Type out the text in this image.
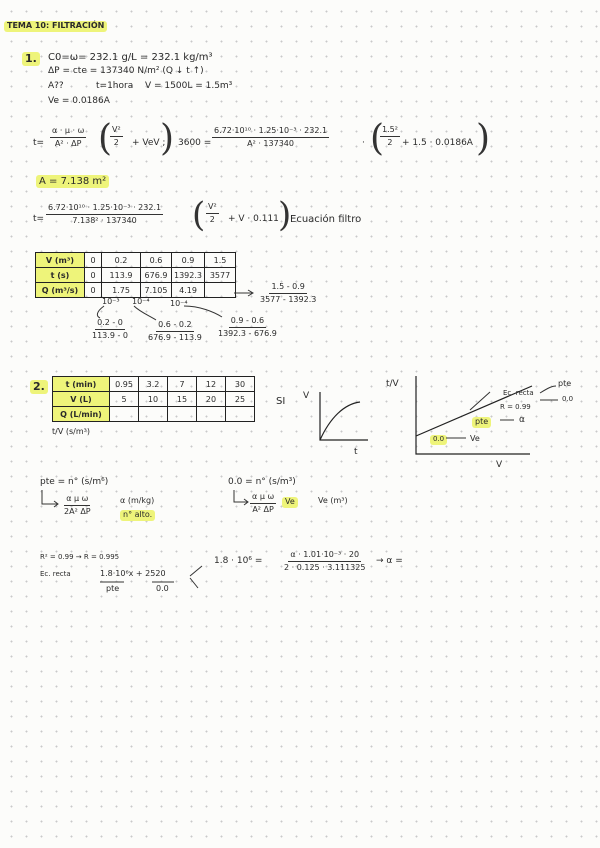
TEMA 10: FILTRACIÓN
1.	C0=ω= 232.1 g/L = 232.1 kg/m³
ΔP = cte = 137340 N/m² (Q ↓ t ↑)
A??	t=1hora V = 1500L = 1.5m³
Ve = 0.0186A
$t= \frac{\alpha \cdot \mu \cdot \omega}{\text{A² · ΔP}}$ (
$\frac{\text{V²}}{2}$ + VeV ;
) $3600 = \frac{\text{6.72·10¹⁰ · 1.25·10⁻³ · 232.1}}{\text{A² · 137340}}$	· (
$\frac{\text{1.5²}}{2} + 1.5 \cdot 0.0186A$ )
A = 7.138 m²
$t= \frac{\text{6.72·10¹⁰ · 1.25·10⁻³ · 232.1}}{\text{7.138² · 137340}}$ ( $\frac{\text{V²}}{2} + V \cdot 0.111$ )
Ecuación filtro
V (m³)	0	0.2	0.6	0.9	1.5
t (s)	0	113.9	676.9	1392.3	3577
Q (m³/s)	0	1.75	7.105	4.19	
10⁻³ 10⁻⁴	10⁻⁴	$\frac{1.5 - 0.9}{3577 - 1392.3}$
$\frac{0.2 - 0}{113.9 - 0} \frac{0.6 - 0.2}{676.9 - 113.9} \frac{0.9 - 0.6}{1392.3 - 676.9}$
2.	t (min)	0.95	3.2	7	12	30
V (L)	5	10	15	20	25
Q (L/min)					
t/V (s/m³)
SI V
t
t/V
V
Ec. recta
R = 0.99
pte	α
0.0	Ve
pte
0.0
pte = n° (s/m⁶)
$\frac{\text{α μ ω}}{\text{2A² ΔP}}$	α (m/kg)
n° alto.
0.0 = n° (s/m³)
$\frac{\text{α μ ω}}{\text{A² ΔP}}$	Ve	Ve (m³)
R² = 0.99 → R = 0.995
Ec. recta	1.8·10⁶x + 2520
pte	0.0
$1.8 \cdot 10^6 = \frac{\text{α · 1.01·10⁻³ · 20}}{2 \cdot 0.125 \cdot 3.111325} \to \alpha$ =
